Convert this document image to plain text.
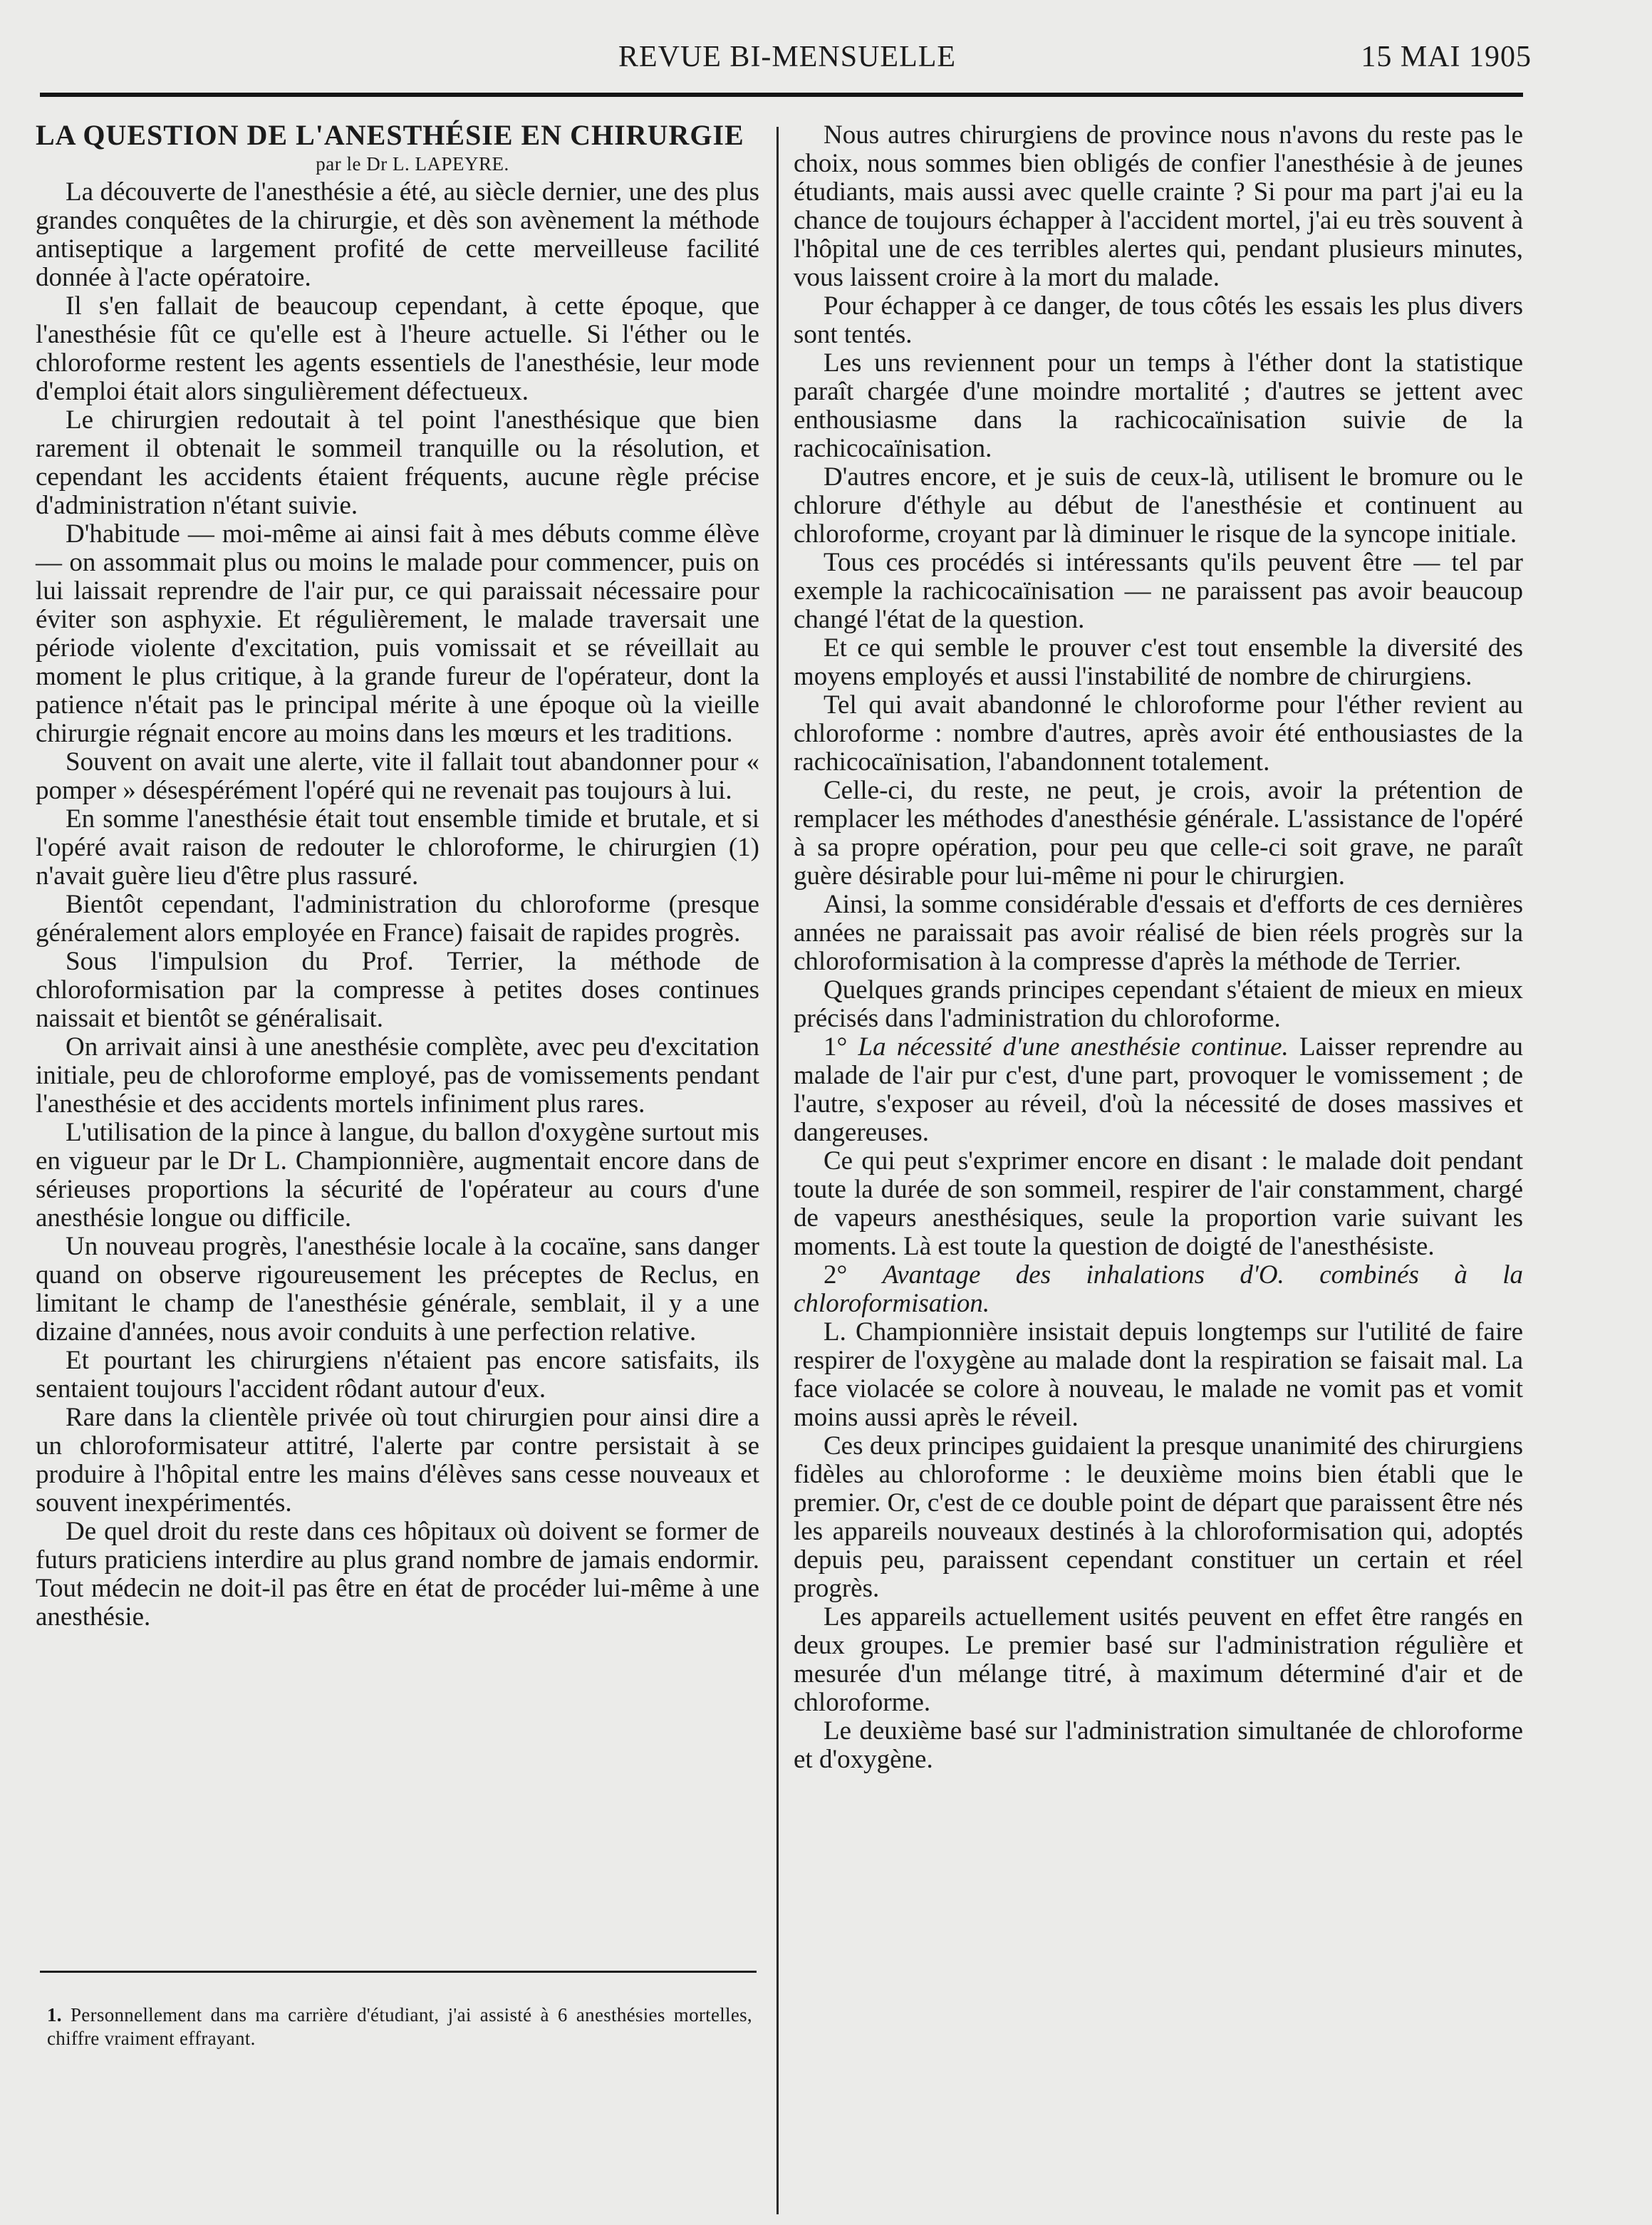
REVUE BI-MENSUELLE	15 MAI 1905

LA QUESTION DE L'ANESTHÉSIE EN CHIRURGIE

par le Dr L. LAPEYRE.

La découverte de l'anesthésie a été, au siècle dernier, une des plus grandes conquêtes de la chirurgie, et dès son avènement la méthode antiseptique a largement profité de cette merveilleuse facilité donnée à l'acte opératoire.

Il s'en fallait de beaucoup cependant, à cette époque, que l'anesthésie fût ce qu'elle est à l'heure actuelle. Si l'éther ou le chloroforme restent les agents essentiels de l'anesthésie, leur mode d'emploi était alors singulièrement défectueux.

Le chirurgien redoutait à tel point l'anesthésique que bien rarement il obtenait le sommeil tranquille ou la résolution, et cependant les accidents étaient fréquents, aucune règle précise d'administration n'étant suivie.

D'habitude — moi-même ai ainsi fait à mes débuts comme élève — on assommait plus ou moins le malade pour commencer, puis on lui laissait reprendre de l'air pur, ce qui paraissait nécessaire pour éviter son asphyxie. Et régulièrement, le malade traversait une période violente d'excitation, puis vomissait et se réveillait au moment le plus critique, à la grande fureur de l'opérateur, dont la patience n'était pas le principal mérite à une époque où la vieille chirurgie régnait encore au moins dans les mœurs et les traditions.

Souvent on avait une alerte, vite il fallait tout abandonner pour « pomper » désespérément l'opéré qui ne revenait pas toujours à lui.

En somme l'anesthésie était tout ensemble timide et brutale, et si l'opéré avait raison de redouter le chloroforme, le chirurgien (1) n'avait guère lieu d'être plus rassuré.

Bientôt cependant, l'administration du chloroforme (presque généralement alors employée en France) faisait de rapides progrès.

Sous l'impulsion du Prof. Terrier, la méthode de chloroformisation par la compresse à petites doses continues naissait et bientôt se généralisait.

On arrivait ainsi à une anesthésie complète, avec peu d'excitation initiale, peu de chloroforme employé, pas de vomissements pendant l'anesthésie et des accidents mortels infiniment plus rares.

L'utilisation de la pince à langue, du ballon d'oxygène surtout mis en vigueur par le Dr L. Championnière, augmentait encore dans de sérieuses proportions la sécurité de l'opérateur au cours d'une anesthésie longue ou difficile.

Un nouveau progrès, l'anesthésie locale à la cocaïne, sans danger quand on observe rigoureusement les préceptes de Reclus, en limitant le champ de l'anesthésie générale, semblait, il y a une dizaine d'années, nous avoir conduits à une perfection relative.

Et pourtant les chirurgiens n'étaient pas encore satisfaits, ils sentaient toujours l'accident rôdant autour d'eux.

Rare dans la clientèle privée où tout chirurgien pour ainsi dire a un chloroformisateur attitré, l'alerte par contre persistait à se produire à l'hôpital entre les mains d'élèves sans cesse nouveaux et souvent inexpérimentés.

De quel droit du reste dans ces hôpitaux où doivent se former de futurs praticiens interdire au plus grand nombre de jamais endormir. Tout médecin ne doit-il pas être en état de procéder lui-même à une anesthésie.

1. Personnellement dans ma carrière d'étudiant, j'ai assisté à 6 anesthésies mortelles, chiffre vraiment effrayant.

Nous autres chirurgiens de province nous n'avons du reste pas le choix, nous sommes bien obligés de confier l'anesthésie à de jeunes étudiants, mais aussi avec quelle crainte ? Si pour ma part j'ai eu la chance de toujours échapper à l'accident mortel, j'ai eu très souvent à l'hôpital une de ces terribles alertes qui, pendant plusieurs minutes, vous laissent croire à la mort du malade.

Pour échapper à ce danger, de tous côtés les essais les plus divers sont tentés.

Les uns reviennent pour un temps à l'éther dont la statistique paraît chargée d'une moindre mortalité ; d'autres se jettent avec enthousiasme dans la rachicocaïnisation suivie de la rachicocaïnisation.

D'autres encore, et je suis de ceux-là, utilisent le bromure ou le chlorure d'éthyle au début de l'anesthésie et continuent au chloroforme, croyant par là diminuer le risque de la syncope initiale.

Tous ces procédés si intéressants qu'ils peuvent être — tel par exemple la rachicocaïnisation — ne paraissent pas avoir beaucoup changé l'état de la question.

Et ce qui semble le prouver c'est tout ensemble la diversité des moyens employés et aussi l'instabilité de nombre de chirurgiens.

Tel qui avait abandonné le chloroforme pour l'éther revient au chloroforme : nombre d'autres, après avoir été enthousiastes de la rachicocaïnisation, l'abandonnent totalement.

Celle-ci, du reste, ne peut, je crois, avoir la prétention de remplacer les méthodes d'anesthésie générale. L'assistance de l'opéré à sa propre opération, pour peu que celle-ci soit grave, ne paraît guère désirable pour lui-même ni pour le chirurgien.

Ainsi, la somme considérable d'essais et d'efforts de ces dernières années ne paraissait pas avoir réalisé de bien réels progrès sur la chloroformisation à la compresse d'après la méthode de Terrier.

Quelques grands principes cependant s'étaient de mieux en mieux précisés dans l'administration du chloroforme.

1° La nécessité d'une anesthésie continue. Laisser reprendre au malade de l'air pur c'est, d'une part, provoquer le vomissement ; de l'autre, s'exposer au réveil, d'où la nécessité de doses massives et dangereuses.

Ce qui peut s'exprimer encore en disant : le malade doit pendant toute la durée de son sommeil, respirer de l'air constamment, chargé de vapeurs anesthésiques, seule la proportion varie suivant les moments. Là est toute la question de doigté de l'anesthésiste.

2° Avantage des inhalations d'O. combinés à la chloroformisation.

L. Championnière insistait depuis longtemps sur l'utilité de faire respirer de l'oxygène au malade dont la respiration se faisait mal. La face violacée se colore à nouveau, le malade ne vomit pas et vomit moins aussi après le réveil.

Ces deux principes guidaient la presque unanimité des chirurgiens fidèles au chloroforme : le deuxième moins bien établi que le premier. Or, c'est de ce double point de départ que paraissent être nés les appareils nouveaux destinés à la chloroformisation qui, adoptés depuis peu, paraissent cependant constituer un certain et réel progrès.

Les appareils actuellement usités peuvent en effet être rangés en deux groupes. Le premier basé sur l'administration régulière et mesurée d'un mélange titré, à maximum déterminé d'air et de chloroforme.

Le deuxième basé sur l'administration simultanée de chloroforme et d'oxygène.
